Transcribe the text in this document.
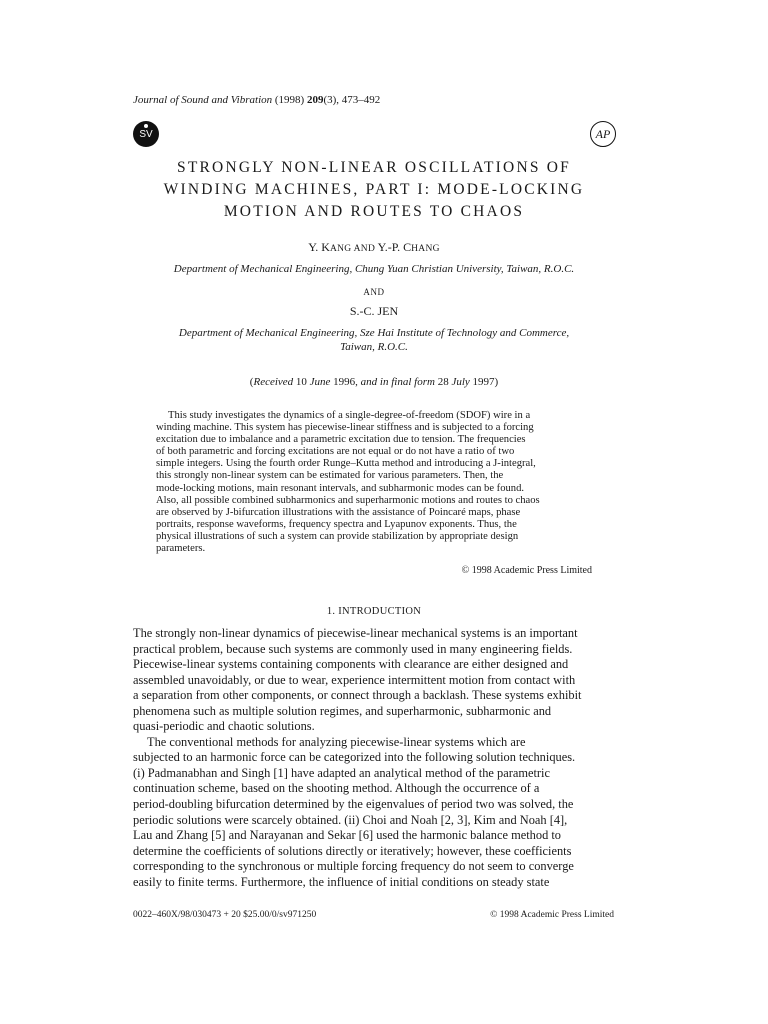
Journal of Sound and Vibration (1998) 209(3), 473–492
SV	AP
STRONGLY NON-LINEAR OSCILLATIONS OF
WINDING MACHINES, PART I: MODE-LOCKING
MOTION AND ROUTES TO CHAOS
Y. KANG AND Y.-P. CHANG
Department of Mechanical Engineering, Chung Yuan Christian University, Taiwan, R.O.C.
AND
S.-C. JEN
Department of Mechanical Engineering, Sze Hai Institute of Technology and Commerce,
Taiwan, R.O.C.
(Received 10 June 1996, and in final form 28 July 1997)
This study investigates the dynamics of a single-degree-of-freedom (SDOF) wire in a
winding machine. This system has piecewise-linear stiffness and is subjected to a forcing
excitation due to imbalance and a parametric excitation due to tension. The frequencies
of both parametric and forcing excitations are not equal or do not have a ratio of two
simple integers. Using the fourth order Runge–Kutta method and introducing a J-integral,
this strongly non-linear system can be estimated for various parameters. Then, the
mode-locking motions, main resonant intervals, and subharmonic modes can be found.
Also, all possible combined subharmonics and superharmonic motions and routes to chaos
are observed by J-bifurcation illustrations with the assistance of Poincaré maps, phase
portraits, response waveforms, frequency spectra and Lyapunov exponents. Thus, the
physical illustrations of such a system can provide stabilization by appropriate design
parameters.
© 1998 Academic Press Limited
1. INTRODUCTION
The strongly non-linear dynamics of piecewise-linear mechanical systems is an important
practical problem, because such systems are commonly used in many engineering fields.
Piecewise-linear systems containing components with clearance are either designed and
assembled unavoidably, or due to wear, experience intermittent motion from contact with
a separation from other components, or connect through a backlash. These systems exhibit
phenomena such as multiple solution regimes, and superharmonic, subharmonic and
quasi-periodic and chaotic solutions.
The conventional methods for analyzing piecewise-linear systems which are
subjected to an harmonic force can be categorized into the following solution techniques.
(i) Padmanabhan and Singh [1] have adapted an analytical method of the parametric
continuation scheme, based on the shooting method. Although the occurrence of a
period-doubling bifurcation determined by the eigenvalues of period two was solved, the
periodic solutions were scarcely obtained. (ii) Choi and Noah [2, 3], Kim and Noah [4],
Lau and Zhang [5] and Narayanan and Sekar [6] used the harmonic balance method to
determine the coefficients of solutions directly or iteratively; however, these coefficients
corresponding to the synchronous or multiple forcing frequency do not seem to converge
easily to finite terms. Furthermore, the influence of initial conditions on steady state
0022–460X/98/030473 + 20 $25.00/0/sv971250	© 1998 Academic Press Limited
